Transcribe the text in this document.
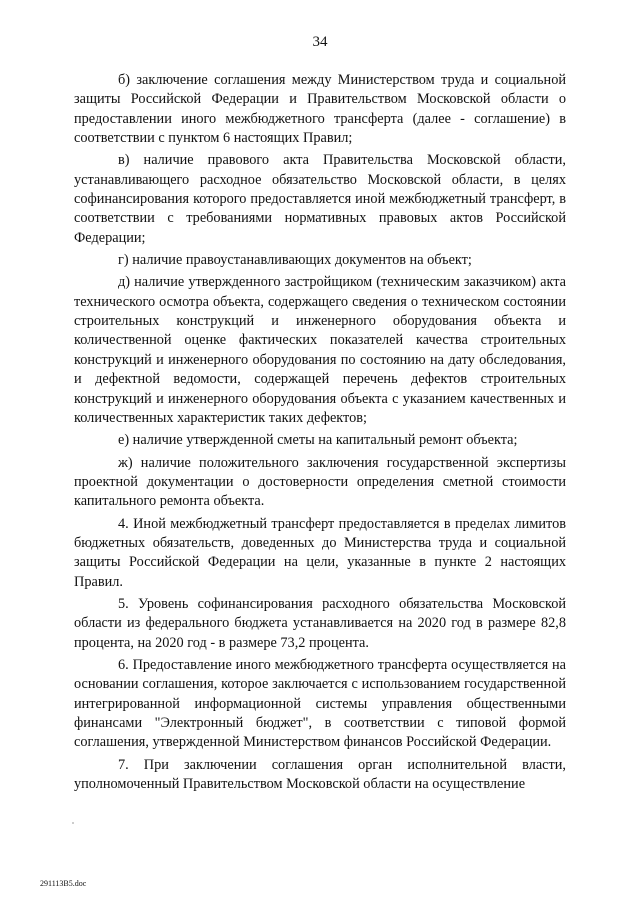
34

б) заключение соглашения между Министерством труда и социальной защиты Российской Федерации и Правительством Московской области о предоставлении иного межбюджетного трансферта (далее - соглашение) в соответствии с пунктом 6 настоящих Правил;

в) наличие правового акта Правительства Московской области, устанавливающего расходное обязательство Московской области, в целях софинансирования которого предоставляется иной межбюджетный трансферт, в соответствии с требованиями нормативных правовых актов Российской Федерации;

г) наличие правоустанавливающих документов на объект;

д) наличие утвержденного застройщиком (техническим заказчиком) акта технического осмотра объекта, содержащего сведения о техническом состоянии строительных конструкций и инженерного оборудования объекта и количественной оценке фактических показателей качества строительных конструкций и инженерного оборудования по состоянию на дату обследования, и дефектной ведомости, содержащей перечень дефектов строительных конструкций и инженерного оборудования объекта с указанием качественных и количественных характеристик таких дефектов;

е) наличие утвержденной сметы на капитальный ремонт объекта;

ж) наличие положительного заключения государственной экспертизы проектной документации о достоверности определения сметной стоимости капитального ремонта объекта.

4. Иной межбюджетный трансферт предоставляется в пределах лимитов бюджетных обязательств, доведенных до Министерства труда и социальной защиты Российской Федерации на цели, указанные в пункте 2 настоящих Правил.

5. Уровень софинансирования расходного обязательства Московской области из федерального бюджета устанавливается на 2020 год в размере 82,8 процента, на 2020 год - в размере 73,2 процента.

6. Предоставление иного межбюджетного трансферта осуществляется на основании соглашения, которое заключается с использованием государственной интегрированной информационной системы управления общественными финансами "Электронный бюджет", в соответствии с типовой формой соглашения, утвержденной Министерством финансов Российской Федерации.

7. При заключении соглашения орган исполнительной власти, уполномоченный Правительством Московской области на осуществление

291113B5.doc
